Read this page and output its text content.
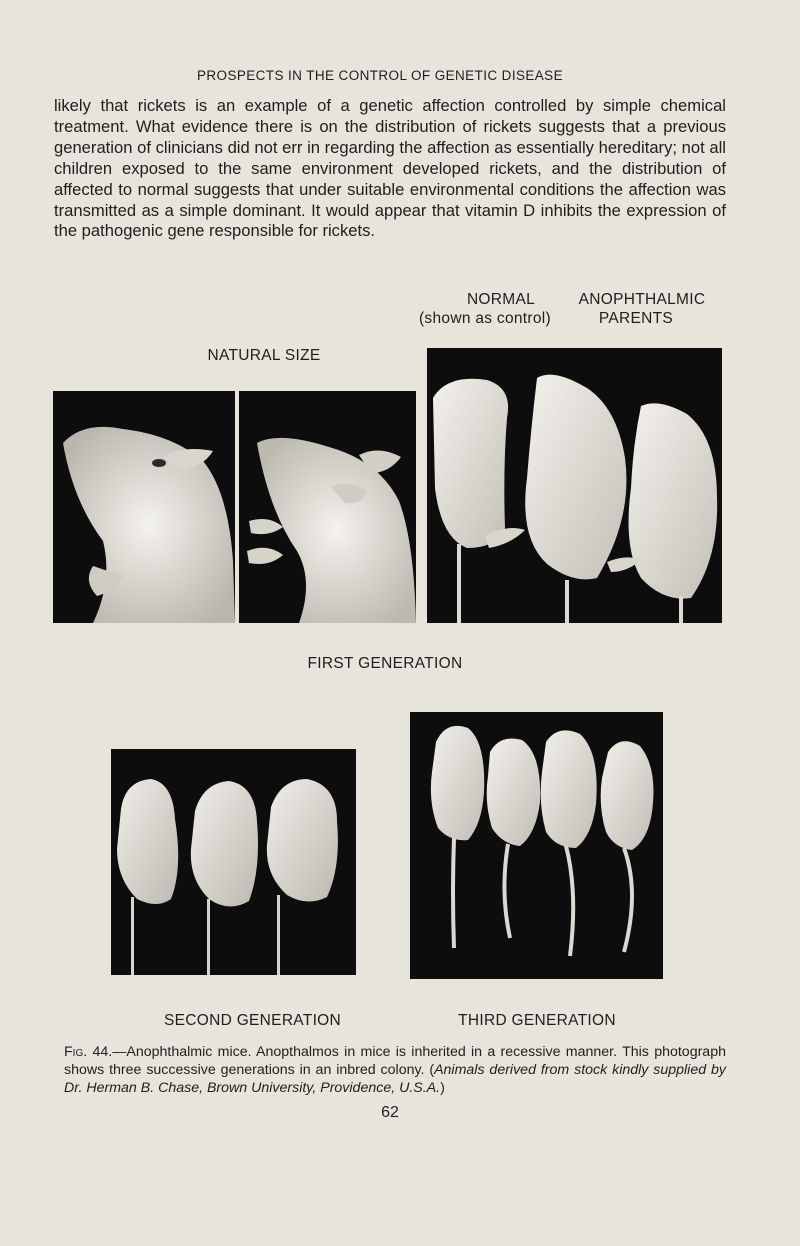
PROSPECTS IN THE CONTROL OF GENETIC DISEASE

likely that rickets is an example of a genetic affection controlled by simple chemical treatment. What evidence there is on the distribution of rickets suggests that a previous generation of clinicians did not err in regarding the affection as essentially hereditary; not all children exposed to the same environment developed rickets, and the distribution of affected to normal suggests that under suitable environmental conditions the affection was transmitted as a simple dominant. It would appear that vitamin D inhibits the expression of the pathogenic gene responsible for rickets.

NORMAL
(shown as control)
ANOPHTHALMIC
PARENTS
NATURAL SIZE
FIRST GENERATION
SECOND GENERATION	THIRD GENERATION

Fig. 44.—Anophthalmic mice. Anopthalmos in mice is inherited in a recessive manner. This photograph shows three successive generations in an inbred colony. (Animals derived from stock kindly supplied by Dr. Herman B. Chase, Brown University, Providence, U.S.A.)

62
